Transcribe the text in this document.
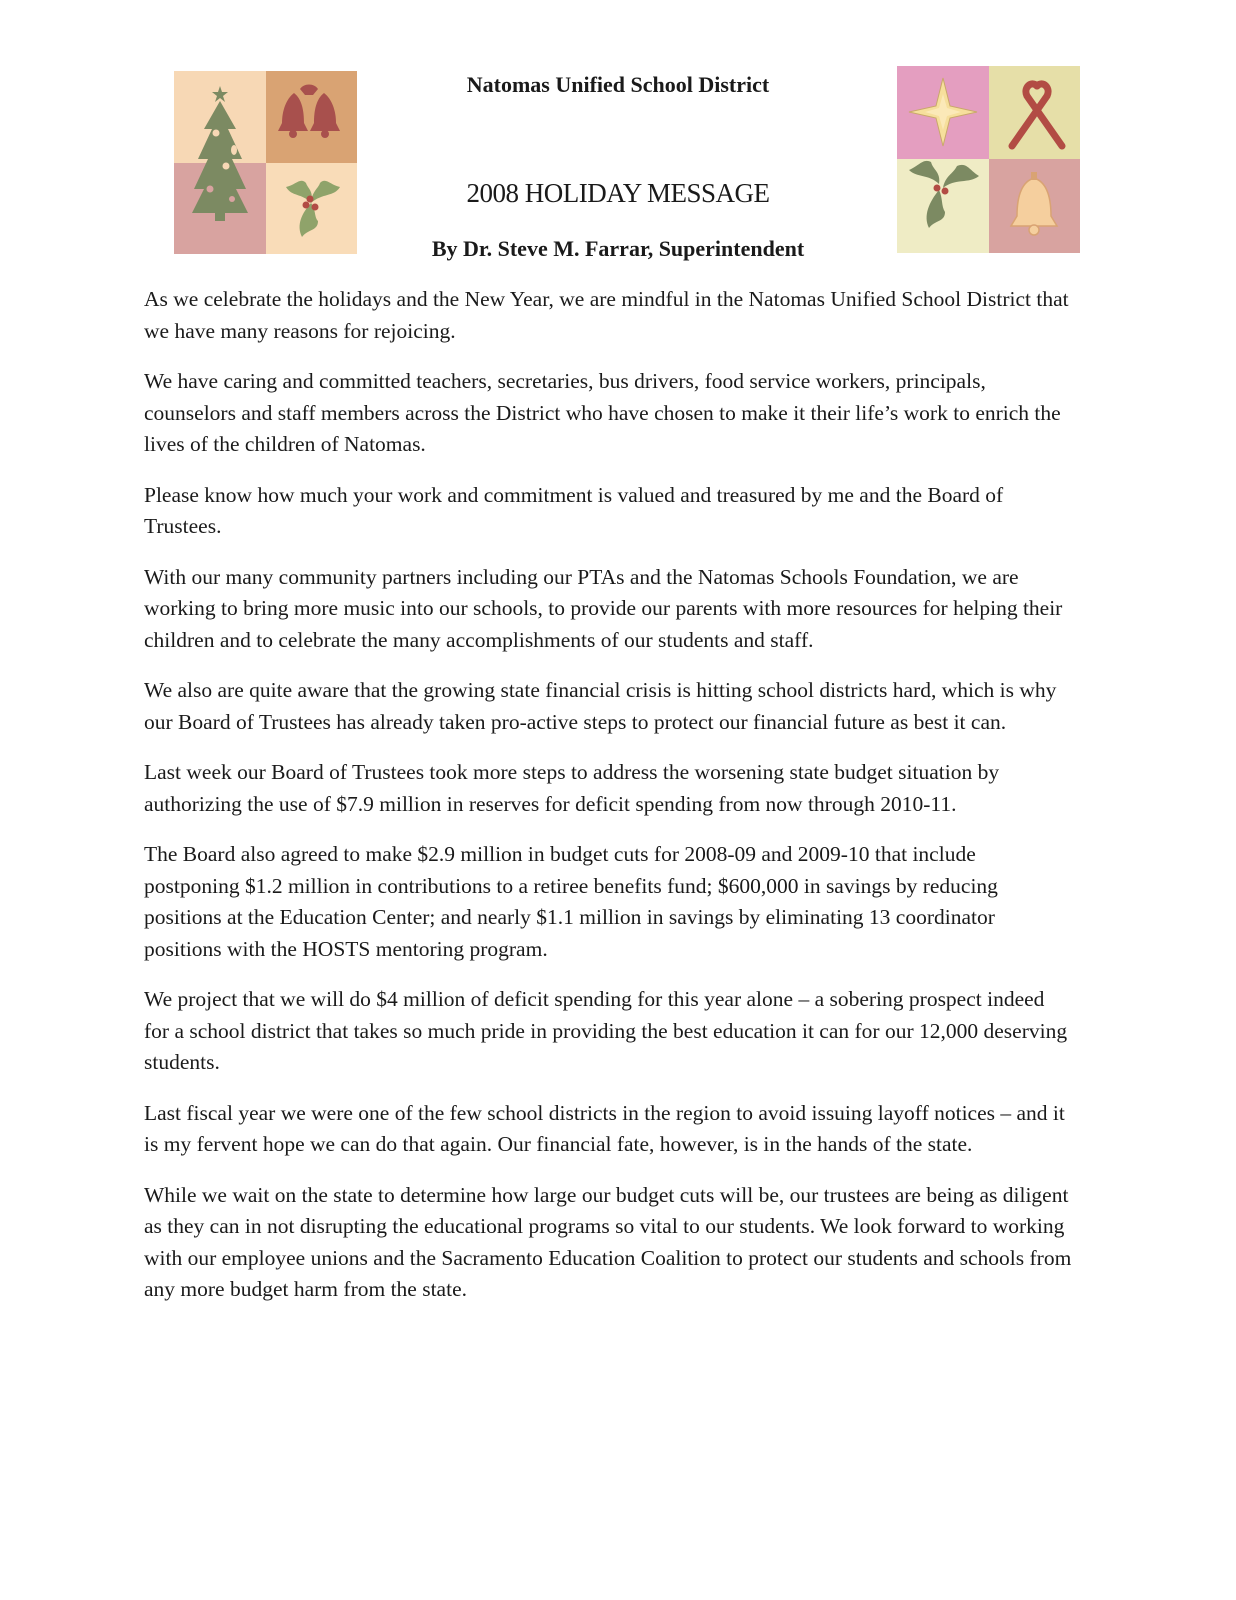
Natomas Unified School District
2008 HOLIDAY MESSAGE
By Dr. Steve M. Farrar, Superintendent

As we celebrate the holidays and the New Year, we are mindful in the Natomas Unified School District that we have many reasons for rejoicing.

We have caring and committed teachers, secretaries, bus drivers, food service workers, principals, counselors and staff members across the District who have chosen to make it their life’s work to enrich the lives of the children of Natomas.

Please know how much your work and commitment is valued and treasured by me and the Board of Trustees.

With our many community partners including our PTAs and the Natomas Schools Foundation, we are working to bring more music into our schools, to provide our parents with more resources for helping their children and to celebrate the many accomplishments of our students and staff.

We also are quite aware that the growing state financial crisis is hitting school districts hard, which is why our Board of Trustees has already taken pro-active steps to protect our financial future as best it can.

Last week our Board of Trustees took more steps to address the worsening state budget situation by authorizing the use of $7.9 million in reserves for deficit spending from now through 2010-11.

The Board also agreed to make $2.9 million in budget cuts for 2008-09 and 2009-10 that include postponing $1.2 million in contributions to a retiree benefits fund; $600,000 in savings by reducing positions at the Education Center; and nearly $1.1 million in savings by eliminating 13 coordinator positions with the HOSTS mentoring program.

We project that we will do $4 million of deficit spending for this year alone – a sobering prospect indeed for a school district that takes so much pride in providing the best education it can for our 12,000 deserving students.

Last fiscal year we were one of the few school districts in the region to avoid issuing layoff notices – and it is my fervent hope we can do that again. Our financial fate, however, is in the hands of the state.

While we wait on the state to determine how large our budget cuts will be, our trustees are being as diligent as they can in not disrupting the educational programs so vital to our students. We look forward to working with our employee unions and the Sacramento Education Coalition to protect our students and schools from any more budget harm from the state.
